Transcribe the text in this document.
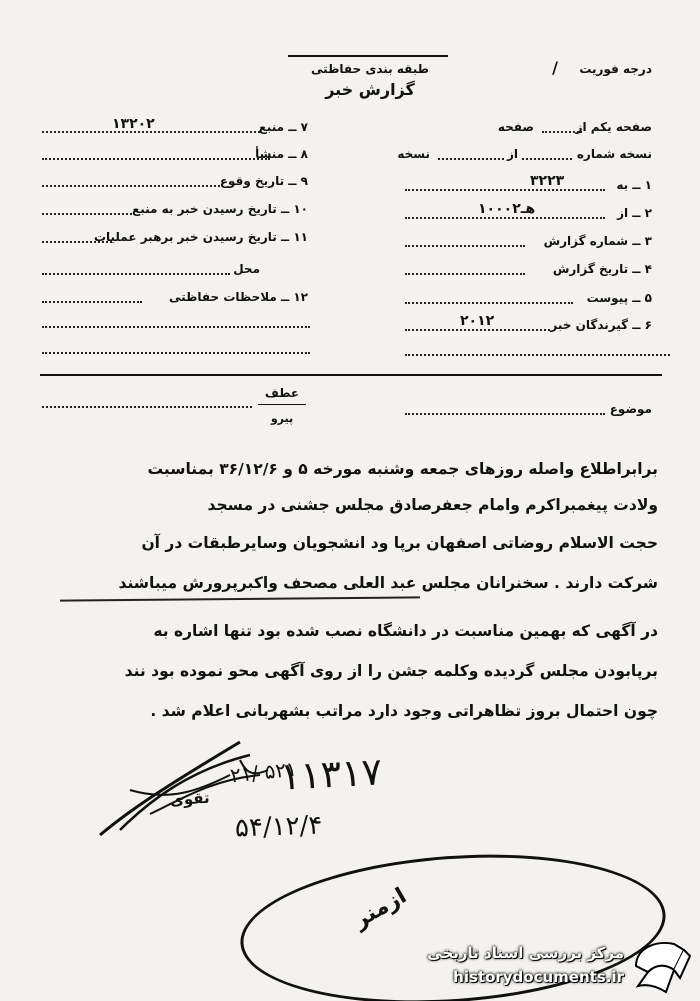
درجه فوریت
/
طبقه بندی حفاظتی
گزارش خبر
۷ ــ منبع
۱۳۲۰۲
۸ ــ منشأ
۹ ــ تاریخ وقوع
۱۰ ــ تاریخ رسیدن خبر به منبع
۱۱ ــ تاریخ رسیدن خبر برهبر عملیات
محل
۱۲ ــ ملاحظات حفاظتی
صفحه یکم از
صفحه
نسخه شماره
از
نسخه
۱ ــ به
۳۲۲۳
۲ ــ از
۱۰۰۰هـ۲
۳ ــ شماره گزارش
۴ ــ تاریخ گزارش
۵ ــ پیوست
۶ ــ گیرندگان خبر
۲۰۱۲
عطف
پیرو
موضوع
برابراطلاع واصله روزهای جمعه وشنبه مورخه ۵ و ۳۶/۱۲/۶ بمناسبت
ولادت پیغمبراکرم وامام جعفرصادق مجلس جشنی در مسجد
حجت الاسلام روضاتی اصفهان برپا ود انشجویان وسایرطبقات در آن
شرکت دارند . سخنرانان مجلس عبد العلی مصحف واکبرپرورش میباشند
در آگهی که بهمین مناسبت در دانشگاه نصب شده بود تنها اشاره به
برپابودن مجلس گردیده وکلمه جشن را از روی آگهی محو نموده بود نند
چون احتمال بروز تظاهراتی وجود دارد مراتب بشهربانی اعلام شد .
تقوی
۱۱۳۱۷
۲۱/ ۵۲۱
۵۴/۱۲/۴
ازمنر
مرکز بررسی اسناد تاریخی
historydocuments.ir
